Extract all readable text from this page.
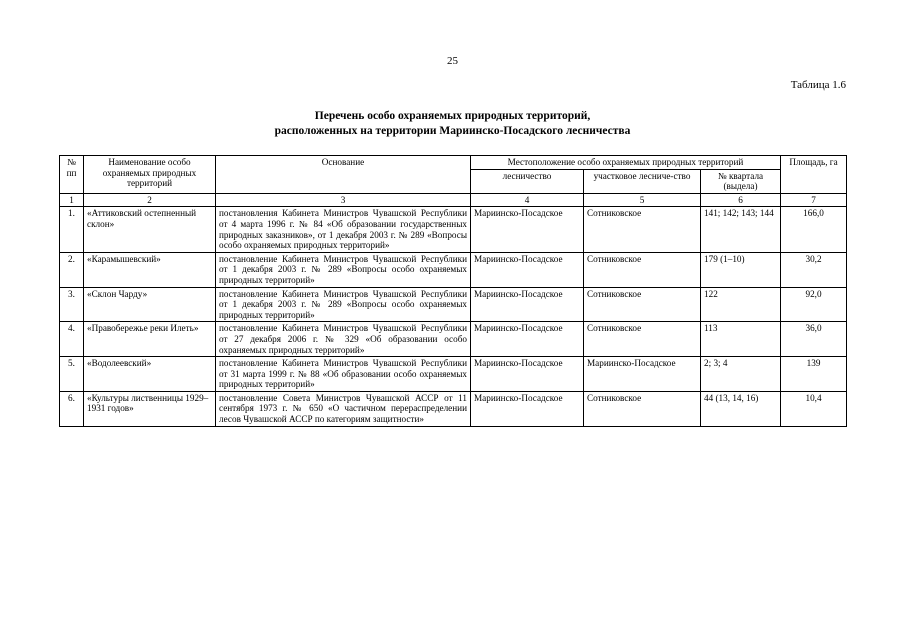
25
Таблица 1.6
Перечень особо охраняемых природных территорий,
расположенных на территории Мариинско-Посадского лесничества
№ пп	Наименование особо охраняемых природных территорий	Основание	Местоположение особо охраняемых природных территорий			Площадь, га
			лесничество	участковое лесниче-ство	№ квартала (выдела)	
1	2	3	4	5	6	7
1.	«Аттиковский остепненный склон»	постановления Кабинета Министров Чувашской Республики от 4 марта 1996 г. № 84 «Об образовании государственных природных заказников», от 1 декабря 2003 г. № 289 «Вопросы особо охраняемых природных территорий»	Мариинско-Посадское	Сотниковское	141; 142; 143; 144	166,0
2.	«Карамышевский»	постановление Кабинета Министров Чувашской Республики от 1 декабря 2003 г. № 289 «Вопросы особо охраняемых природных территорий»	Мариинско-Посадское	Сотниковское	179 (1–10)	30,2
3.	«Склон Чарду»	постановление Кабинета Министров Чувашской Республики от 1 декабря 2003 г. № 289 «Вопросы особо охраняемых природных территорий»	Мариинско-Посадское	Сотниковское	122	92,0
4.	«Правобережье реки Илеть»	постановление Кабинета Министров Чувашской Республики от 27 декабря 2006 г. № 329 «Об образовании особо охраняемых природных территорий»	Мариинско-Посадское	Сотниковское	113	36,0
5.	«Водолеевский»	постановление Кабинета Министров Чувашской Республики от 31 марта 1999 г. № 88 «Об образовании особо охраняемых природных территорий»	Мариинско-Посадское	Мариинско-Посадское	2; 3; 4	139
6.	«Культуры лиственницы 1929–1931 годов»	постановление Совета Министров Чувашской АССР от 11 сентября 1973 г. № 650 «О частичном перераспределении лесов Чувашской АССР по категориям защитности»	Мариинско-Посадское	Сотниковское	44 (13, 14, 16)	10,4
